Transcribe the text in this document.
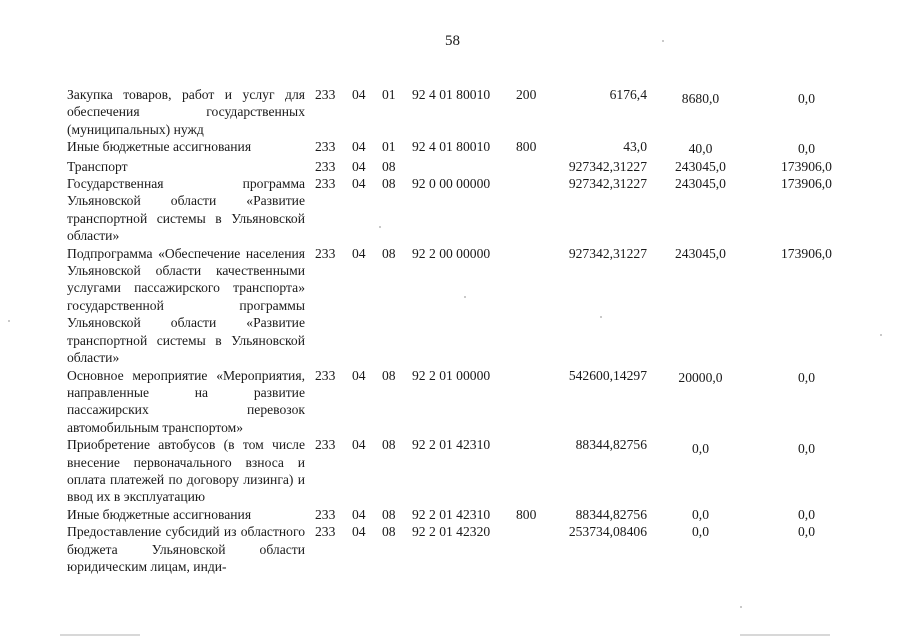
58
Закупка товаров, работ и услуг для обеспечения государственных (муниципальных) нужд	233	04	01	92 4 01 80010	200	6176,4	8680,0	0,0
Иные бюджетные ассигнования	233	04	01	92 4 01 80010	800	43,0	40,0	0,0
Транспорт	233	04	08			927342,31227	243045,0	173906,0
Государственная программа Ульяновской области «Развитие транспортной системы в Ульяновской области»	233	04	08	92 0 00 00000		927342,31227	243045,0	173906,0
Подпрограмма «Обеспечение населения Ульяновской области качественными услугами пассажирского транспорта» государственной программы Ульяновской области «Развитие транспортной системы в Ульяновской области»	233	04	08	92 2 00 00000		927342,31227	243045,0	173906,0
Основное мероприятие «Мероприятия, направленные на развитие пассажирских перевозок автомобильным транспортом»	233	04	08	92 2 01 00000		542600,14297	20000,0	0,0
Приобретение автобусов (в том числе внесение первоначального взноса и оплата платежей по договору лизинга) и ввод их в эксплуатацию	233	04	08	92 2 01 42310		88344,82756	0,0	0,0
Иные бюджетные ассигнования	233	04	08	92 2 01 42310	800	88344,82756	0,0	0,0
Предоставление субсидий из областного бюджета Ульяновской области юридическим лицам, инди-	233	04	08	92 2 01 42320		253734,08406	0,0	0,0
